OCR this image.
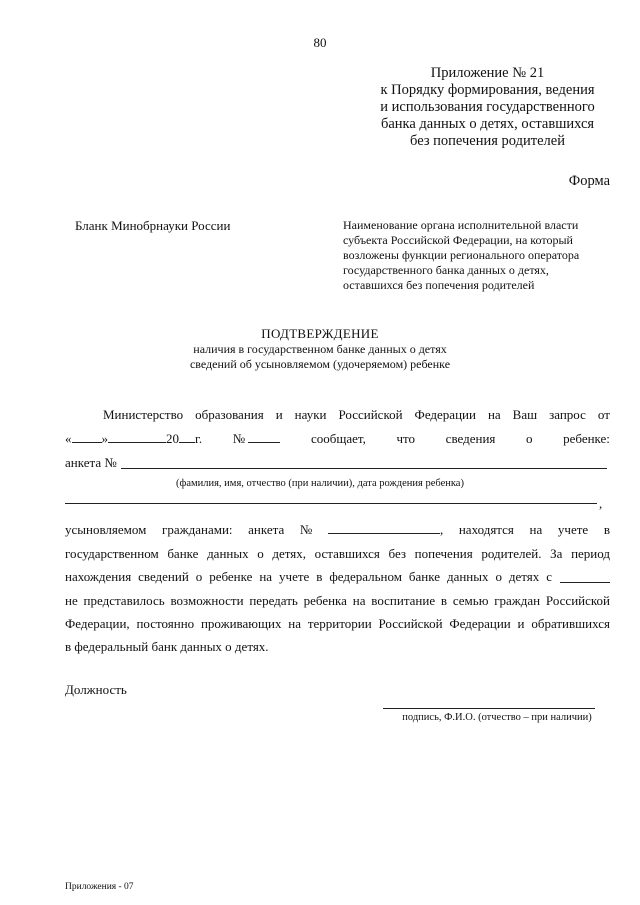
80
Приложение № 21
к Порядку формирования, ведения
и использования государственного
банка данных о детях, оставшихся
без попечения родителей
Форма
Бланк Минобрнауки России	Наименование органа исполнительной власти
субъекта Российской Федерации, на который
возложены функции регионального оператора
государственного банка данных о детях,
оставшихся без попечения родителей
ПОДТВЕРЖДЕНИЕ
наличия в государственном банке данных о детях
сведений об усыновляемом (удочеряемом) ребенке
Министерство образования и науки Российской Федерации на Ваш запрос от
« »	20 г. №	сообщает, что сведения о ребенке:
анкета №
(фамилия, имя, отчество (при наличии), дата рождения ребенка)
,
усыновляемом гражданами: анкета №	, находятся на учете в
государственном банке данных о детях, оставшихся без попечения родителей. За период
нахождения сведений о ребенке на учете в федеральном банке данных о детях с
не представилось возможности передать ребенка на воспитание в семью граждан Российской
Федерации, постоянно проживающих на территории Российской Федерации и обратившихся
в федеральный банк данных о детях.
Должность
подпись, Ф.И.О. (отчество – при наличии)
Приложения - 07
